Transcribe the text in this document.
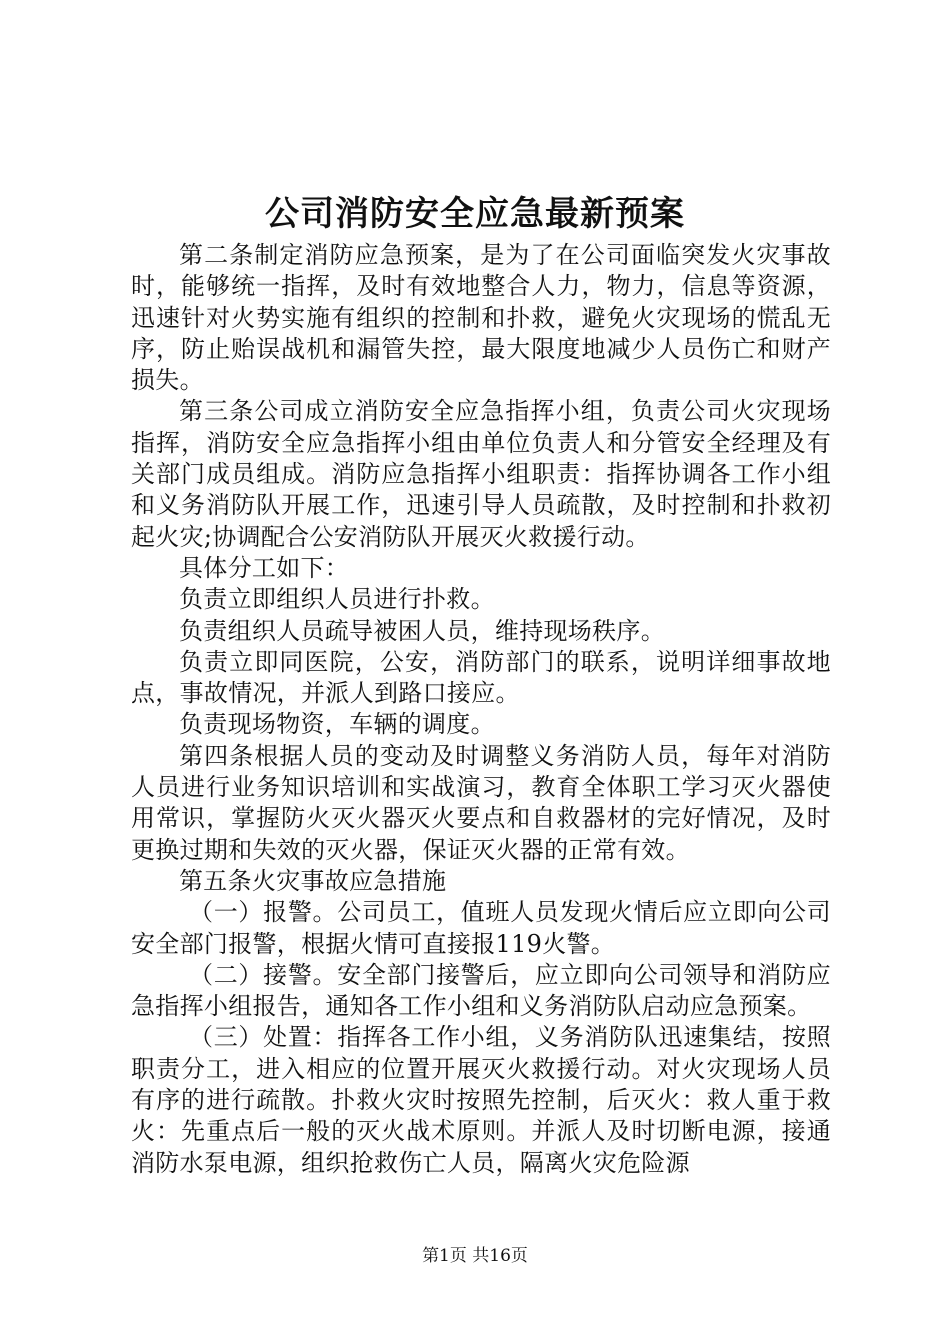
公司消防安全应急最新预案

第二条制定消防应急预案，是为了在公司面临突发火灾事故时，能够统一指挥，及时有效地整合人力，物力，信息等资源，迅速针对火势实施有组织的控制和扑救，避免火灾现场的慌乱无序，防止贻误战机和漏管失控，最大限度地减少人员伤亡和财产损失。

第三条公司成立消防安全应急指挥小组，负责公司火灾现场指挥，消防安全应急指挥小组由单位负责人和分管安全经理及有关部门成员组成。消防应急指挥小组职责：指挥协调各工作小组和义务消防队开展工作，迅速引导人员疏散，及时控制和扑救初起火灾;协调配合公安消防队开展灭火救援行动。

具体分工如下：

负责立即组织人员进行扑救。

负责组织人员疏导被困人员，维持现场秩序。

负责立即同医院，公安，消防部门的联系，说明详细事故地点，事故情况，并派人到路口接应。

负责现场物资，车辆的调度。

第四条根据人员的变动及时调整义务消防人员，每年对消防人员进行业务知识培训和实战演习，教育全体职工学习灭火器使用常识，掌握防火灭火器灭火要点和自救器材的完好情况，及时更换过期和失效的灭火器，保证灭火器的正常有效。

第五条火灾事故应急措施

（一）报警。公司员工，值班人员发现火情后应立即向公司安全部门报警，根据火情可直接报119火警。

（二）接警。安全部门接警后，应立即向公司领导和消防应急指挥小组报告，通知各工作小组和义务消防队启动应急预案。

（三）处置：指挥各工作小组，义务消防队迅速集结，按照职责分工，进入相应的位置开展灭火救援行动。对火灾现场人员有序的进行疏散。扑救火灾时按照先控制，后灭火：救人重于救火：先重点后一般的灭火战术原则。并派人及时切断电源，接通消防水泵电源，组织抢救伤亡人员，隔离火灾危险源

第1页 共16页
